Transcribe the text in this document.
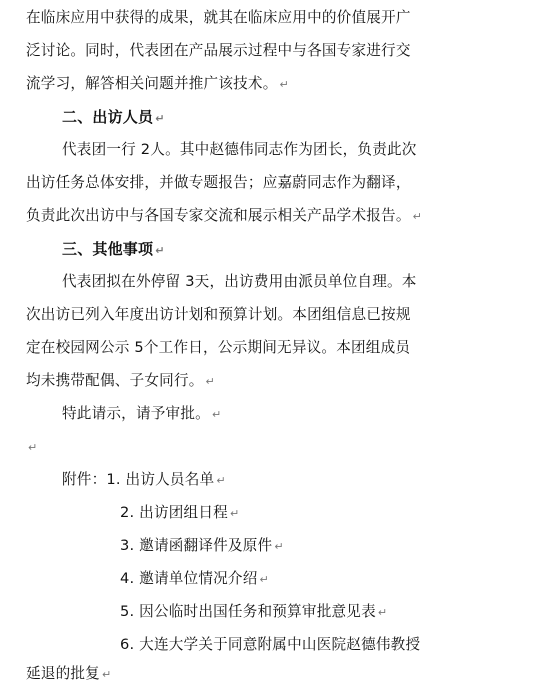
在临床应用中获得的成果，就其在临床应用中的价值展开广
泛讨论。同时，代表团在产品展示过程中与各国专家进行交
流学习，解答相关问题并推广该技术。 ↵
二、出访人员 ↵
代表团一行 2人。其中赵德伟同志作为团长，负责此次
出访任务总体安排，并做专题报告；应嘉蔚同志作为翻译，
负责此次出访中与各国专家交流和展示相关产品学术报告。 ↵
三、其他事项 ↵
代表团拟在外停留 3天，出访费用由派员单位自理。本
次出访已列入年度出访计划和预算计划。本团组信息已按规
定在校园网公示 5个工作日，公示期间无异议。本团组成员
均未携带配偶、子女同行。 ↵
特此请示，请予审批。 ↵
↵
附件：1. 出访人员名单 ↵
2. 出访团组日程 ↵
3. 邀请函翻译件及原件 ↵
4. 邀请单位情况介绍 ↵
5. 因公临时出国任务和预算审批意见表 ↵
6. 大连大学关于同意附属中山医院赵德伟教授
延退的批复 ↵
